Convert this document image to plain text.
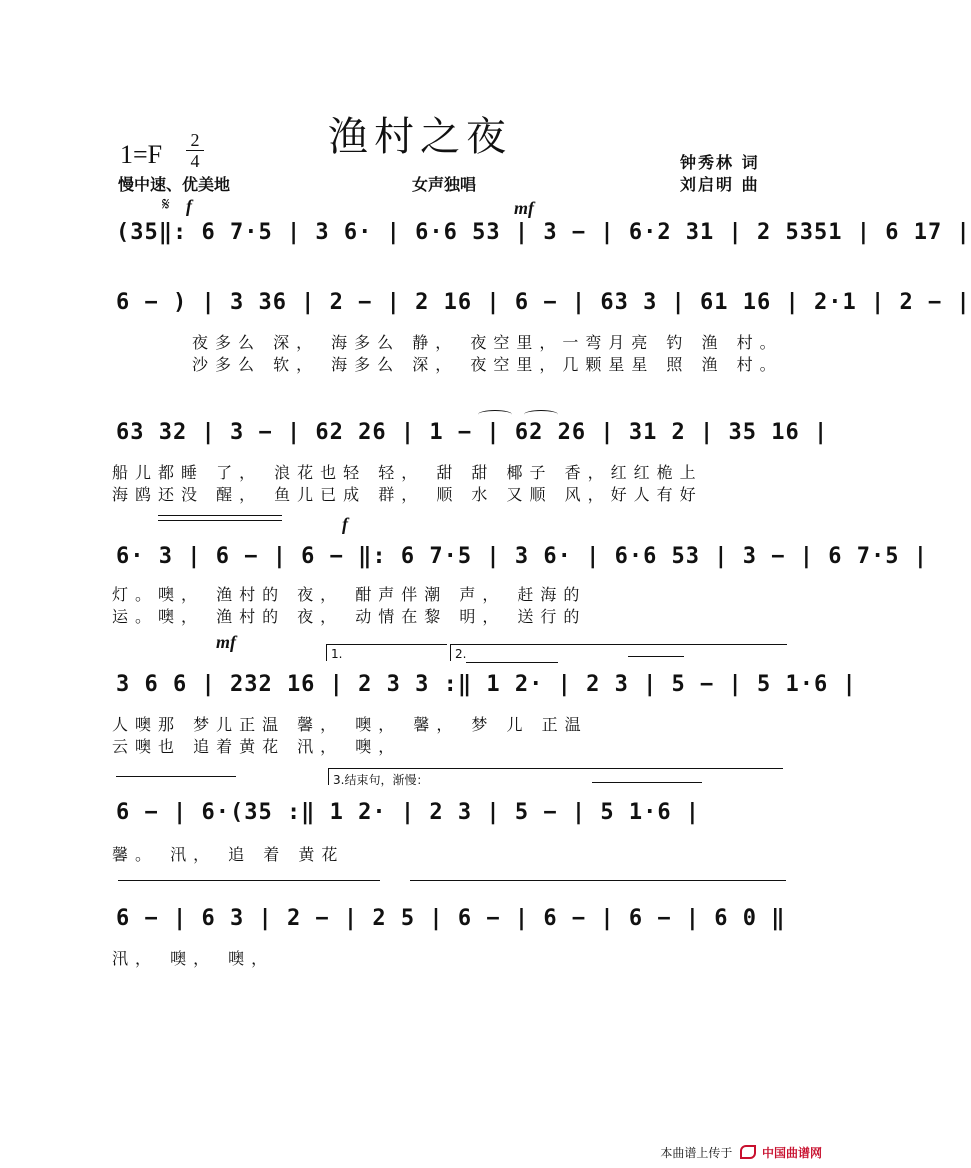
渔村之夜
1=F 2
4
慢中速、优美地	女声独唱
钟秀林 词
刘启明 曲
𝄋 f	mf
(35‖: 6 7·5 | 3 6· | 6·6 53 | 3 − | 6·2 31 | 2 5351 | 6 17 |
6 − ) | 3 36 | 2 − | 2 16 | 6 − | 63 3 | 61 16 | 2·1 | 2 − |
夜多么 深， 海多么 静， 夜空里，一弯月亮 钓 渔 村。
沙多么 软， 海多么 深， 夜空里，几颗星星 照 渔 村。
63 32 | 3 − | 62 26 | 1 − | 62 26 | 31 2 | 35 16 |
船儿都睡 了， 浪花也轻 轻， 甜 甜 椰子 香，红红桅上
海鸥还没 醒， 鱼儿已成 群， 顺 水 又顺 风，好人有好
f
6· 3 | 6 − | 6 − ‖: 6 7·5 | 3 6· | 6·6 53 | 3 − | 6 7·5 |
灯。噢， 渔村的 夜， 酣声伴潮 声， 赶海的
运。噢， 渔村的 夜， 动情在黎 明， 送行的
mf
1.	2.
3 6 6 | 232 16 | 2 3 3 :‖ 1 2· | 2 3 | 5 − | 5 1·6 |
人噢那 梦儿正温 馨， 噢， 馨， 梦 儿 正温
云噢也 追着黄花 汛， 噢，
3.结束句，渐慢：
6 − | 6·(35 :‖ 1 2· | 2 3 | 5 − | 5 1·6 |
馨。 汛， 追 着 黄花
6 − | 6 3 | 2 − | 2 5 | 6 − | 6 − | 6 − | 6 0 ‖
汛， 噢， 噢，
本曲谱上传于 中国曲谱网
